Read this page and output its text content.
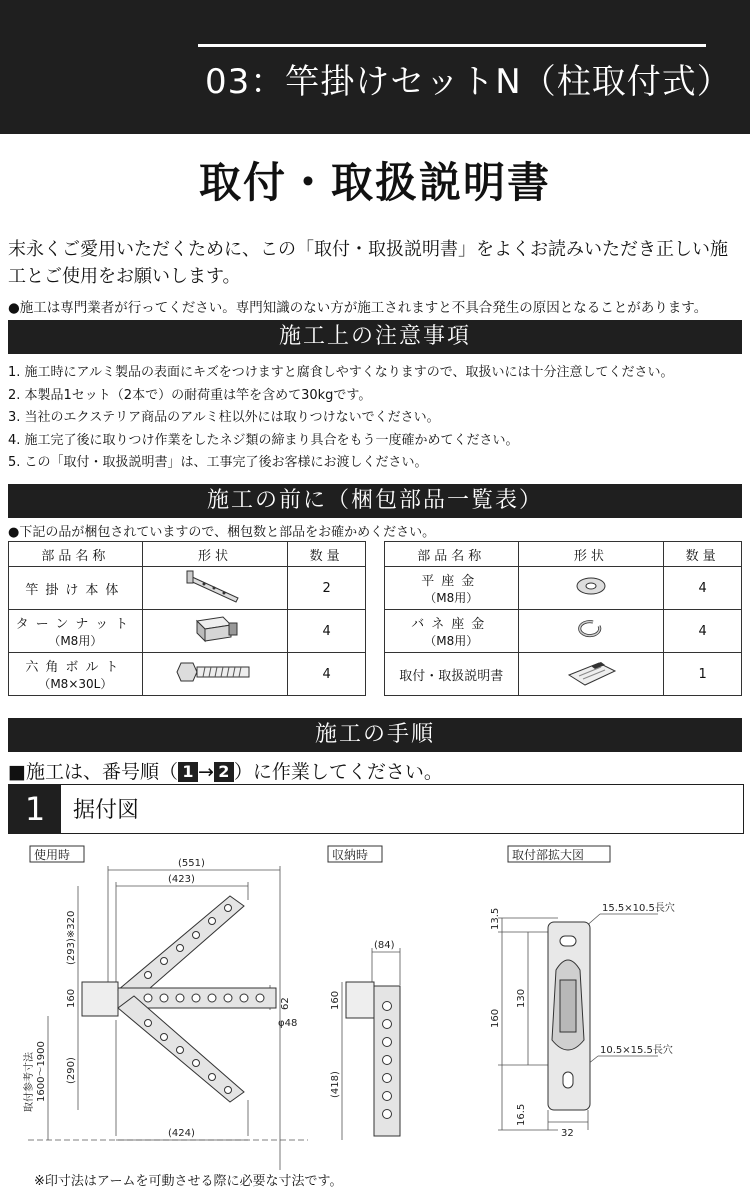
03：竿掛けセットN（柱取付式）
取付・取扱説明書
末永くご愛用いただくために、この「取付・取扱説明書」をよくお読みいただき正しい施工とご使用をお願いします。
●施工は専門業者が行ってください。専門知識のない方が施工されますと不具合発生の原因となることがあります。
施工上の注意事項
1. 施工時にアルミ製品の表面にキズをつけますと腐食しやすくなりますので、取扱いには十分注意してください。
2. 本製品1セット（2本で）の耐荷重は竿を含めて30kgです。
3. 当社のエクステリア商品のアルミ柱以外には取りつけないでください。
4. 施工完了後に取りつけ作業をしたネジ類の締まり具合をもう一度確かめてください。
5. この「取付・取扱説明書」は、工事完了後お客様にお渡しください。
施工の前に（梱包部品一覧表）
●下記の品が梱包されていますので、梱包数と部品をお確かめください。
部品名称	形状	数量
竿掛け本体		2
ターンナット
（M8用）		4
六角ボルト
（M8×30L）		4
部品名称	形状	数量
平座金
（M8用）		4
バネ座金
（M8用）		4
取付・取扱説明書		1
施工の手順
■施工は、番号順（ 1 → 2 ）に作業してください。
1	据付図
使用時	収納時	取付部拡大図
(551)
(423)
(424)
(293)※320
160
(290)
取付参考寸法 1600～1900
62
φ48
(84)
160
(418)
15.5×10.5長穴
10.5×15.5長穴
13.5
160
130
16.5
32
※印寸法はアームを可動させる際に必要な寸法です。
